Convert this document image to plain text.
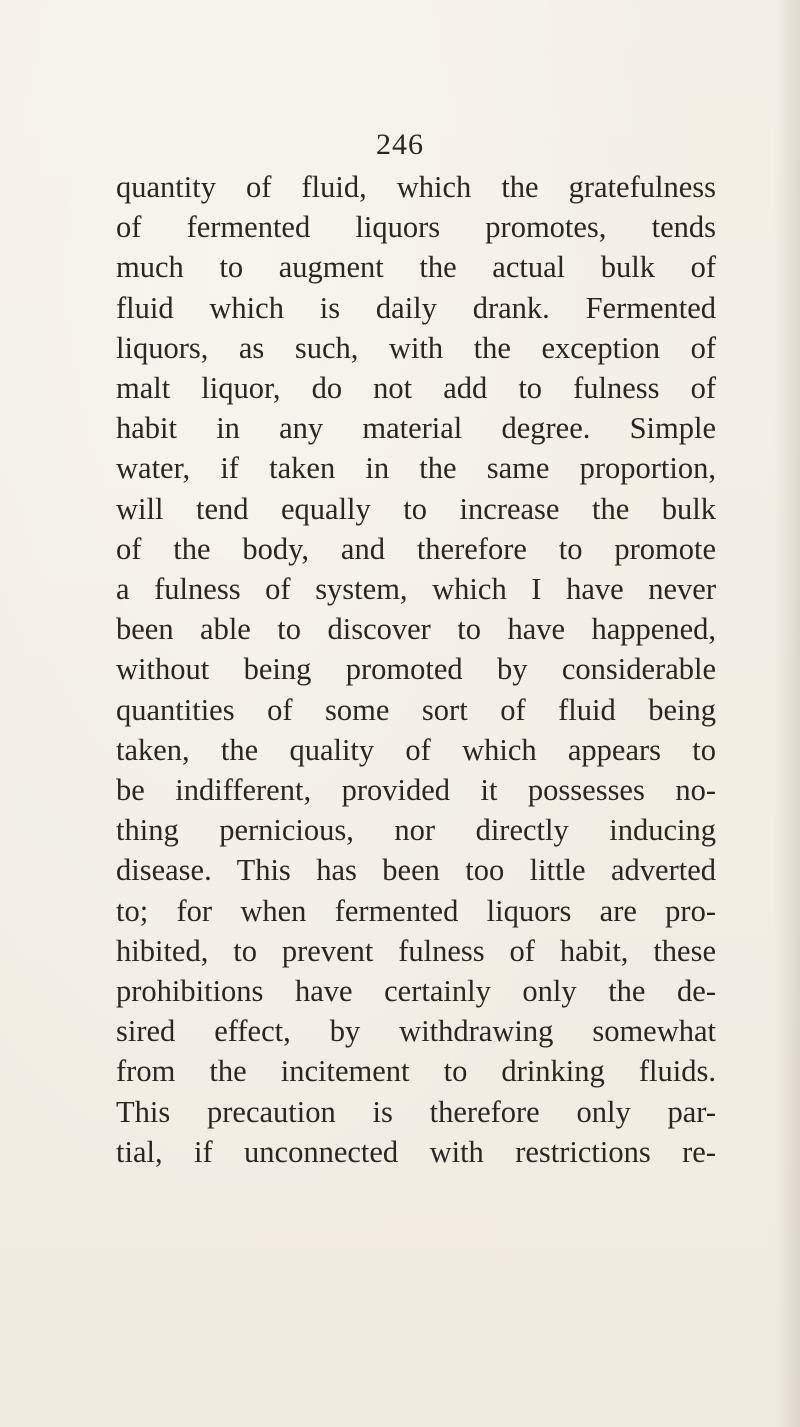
246
quantity of fluid, which the gratefulness
of fermented liquors promotes, tends
much to augment the actual bulk of
fluid which is daily drank. Fermented
liquors, as such, with the exception of
malt liquor, do not add to fulness of
habit in any material degree. Simple
water, if taken in the same proportion,
will tend equally to increase the bulk
of the body, and therefore to promote
a fulness of system, which I have never
been able to discover to have happened,
without being promoted by considerable
quantities of some sort of fluid being
taken, the quality of which appears to
be indifferent, provided it possesses no-
thing pernicious, nor directly inducing
disease. This has been too little adverted
to; for when fermented liquors are pro-
hibited, to prevent fulness of habit, these
prohibitions have certainly only the de-
sired effect, by withdrawing somewhat
from the incitement to drinking fluids.
This precaution is therefore only par-
tial, if unconnected with restrictions re-
